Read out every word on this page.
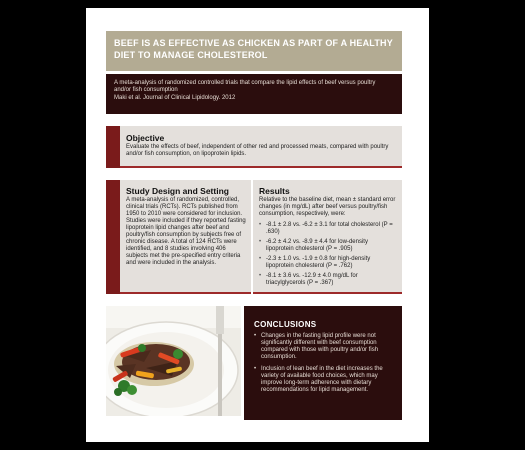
BEEF IS AS EFFECTIVE AS CHICKEN AS PART OF A HEALTHY DIET TO MANAGE CHOLESTEROL
A meta-analysis of randomized controlled trials that compare the lipid effects of beef versus poultry and/or fish consumption
Maki et al. Journal of Clinical Lipidology. 2012
Objective
Evaluate the effects of beef, independent of other red and processed meats, compared with poultry and/or fish consumption, on lipoprotein lipids.
Study Design and Setting
A meta-analysis of randomized, controlled, clinical trials (RCTs). RCTs published from 1950 to 2010 were considered for inclusion. Studies were included if they reported fasting lipoprotein lipid changes after beef and poultry/fish consumption by subjects free of chronic disease. A total of 124 RCTs were identified, and 8 studies involving 406 subjects met the pre-specified entry criteria and were included in the analysis.
Results
Relative to the baseline diet, mean ± standard error changes (in mg/dL) after beef versus poultry/fish consumption, respectively, were:
• -8.1 ± 2.8 vs. -6.2 ± 3.1 for total cholesterol (P = .630)
• -6.2 ± 4.2 vs. -8.9 ± 4.4 for low-density lipoprotein cholesterol (P = .905)
• -2.3 ± 1.0 vs. -1.9 ± 0.8 for high-density lipoprotein cholesterol (P = .762)
• -8.1 ± 3.6 vs. -12.9 ± 4.0 mg/dL for triacylglycerols (P = .367)
CONCLUSIONS
• Changes in the fasting lipid profile were not significantly different with beef consumption compared with those with poultry and/or fish consumption.
• Inclusion of lean beef in the diet increases the variety of available food choices, which may improve long-term adherence with dietary recommendations for lipid management.
